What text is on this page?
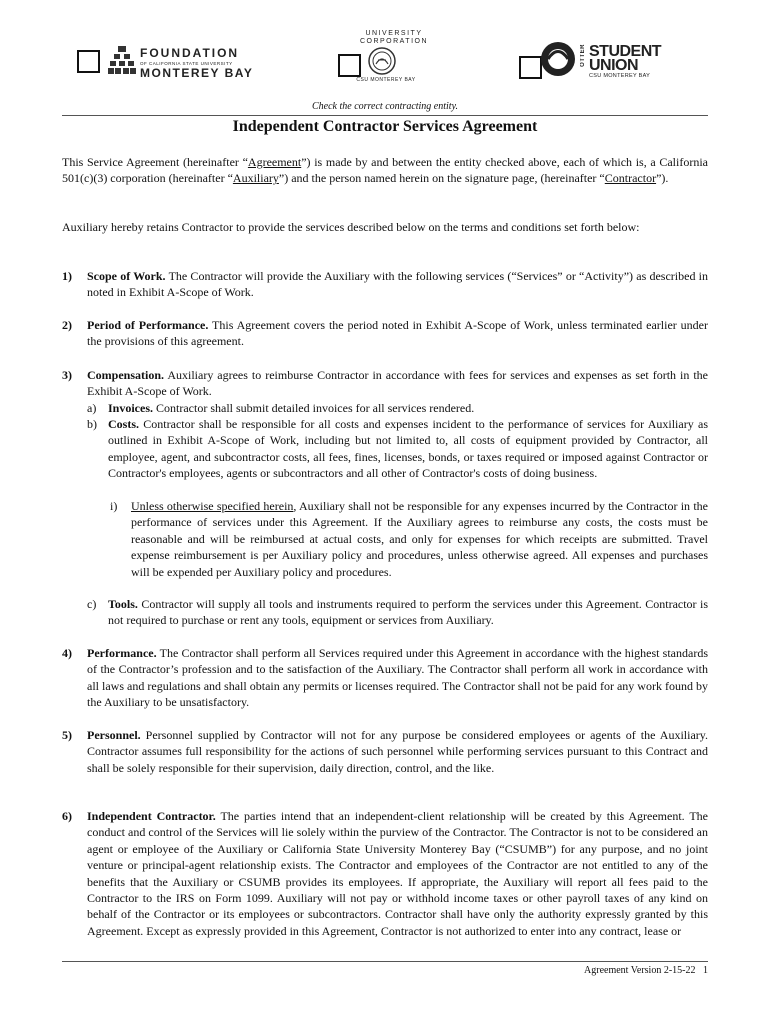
FOUNDATION
OF CALIFORNIA STATE UNIVERSITY
MONTEREY BAY
UNIVERSITY
CORPORATION
CSU MONTEREY BAY
OTTER STUDENT
UNION
CSU MONTEREY BAY
Check the correct contracting entity.
Independent Contractor Services Agreement
This Service Agreement (hereinafter “Agreement”) is made by and between the entity checked above, each of which is, a California 501(c)(3) corporation (hereinafter “Auxiliary”) and the person named herein on the signature page, (hereinafter “Contractor”).
Auxiliary hereby retains Contractor to provide the services described below on the terms and conditions set forth below:
1) Scope of Work. The Contractor will provide the Auxiliary with the following services (“Services” or “Activity”) as described in noted in Exhibit A-Scope of Work.
2) Period of Performance. This Agreement covers the period noted in Exhibit A-Scope of Work, unless terminated earlier under the provisions of this agreement.
3) Compensation. Auxiliary agrees to reimburse Contractor in accordance with fees for services and expenses as set forth in the Exhibit A-Scope of Work.
a) Invoices. Contractor shall submit detailed invoices for all services rendered.
b) Costs. Contractor shall be responsible for all costs and expenses incident to the performance of services for Auxiliary as outlined in Exhibit A-Scope of Work, including but not limited to, all costs of equipment provided by Contractor, all employee, agent, and subcontractor costs, all fees, fines, licenses, bonds, or taxes required or imposed against Contractor or Contractor's employees, agents or subcontractors and all other of Contractor's costs of doing business.
i) Unless otherwise specified herein, Auxiliary shall not be responsible for any expenses incurred by the Contractor in the performance of services under this Agreement. If the Auxiliary agrees to reimburse any costs, the costs must be reasonable and will be reimbursed at actual costs, and only for expenses for which receipts are submitted. Travel expense reimbursement is per Auxiliary policy and procedures, unless otherwise agreed. All expenses and purchases will be expended per Auxiliary policy and procedures.
c) Tools. Contractor will supply all tools and instruments required to perform the services under this Agreement. Contractor is not required to purchase or rent any tools, equipment or services from Auxiliary.
4) Performance. The Contractor shall perform all Services required under this Agreement in accordance with the highest standards of the Contractor’s profession and to the satisfaction of the Auxiliary. The Contractor shall perform all work in accordance with all laws and regulations and shall obtain any permits or licenses required. The Contractor shall not be paid for any work found by the Auxiliary to be unsatisfactory.
5) Personnel. Personnel supplied by Contractor will not for any purpose be considered employees or agents of the Auxiliary. Contractor assumes full responsibility for the actions of such personnel while performing services pursuant to this Contract and shall be solely responsible for their supervision, daily direction, control, and the like.
6) Independent Contractor. The parties intend that an independent-client relationship will be created by this Agreement. The conduct and control of the Services will lie solely within the purview of the Contractor. The Contractor is not to be considered an agent or employee of the Auxiliary or California State University Monterey Bay (“CSUMB”) for any purpose, and no joint venture or principal-agent relationship exists. The Contractor and employees of the Contractor are not entitled to any of the benefits that the Auxiliary or CSUMB provides its employees. If appropriate, the Auxiliary will report all fees paid to the Contractor to the IRS on Form 1099. Auxiliary will not pay or withhold income taxes or other payroll taxes of any kind on behalf of the Contractor or its employees or subcontractors. Contractor shall have only the authority expressly granted by this Agreement. Except as expressly provided in this Agreement, Contractor is not authorized to enter into any contract, lease or
Agreement Version 2-15-22 1
